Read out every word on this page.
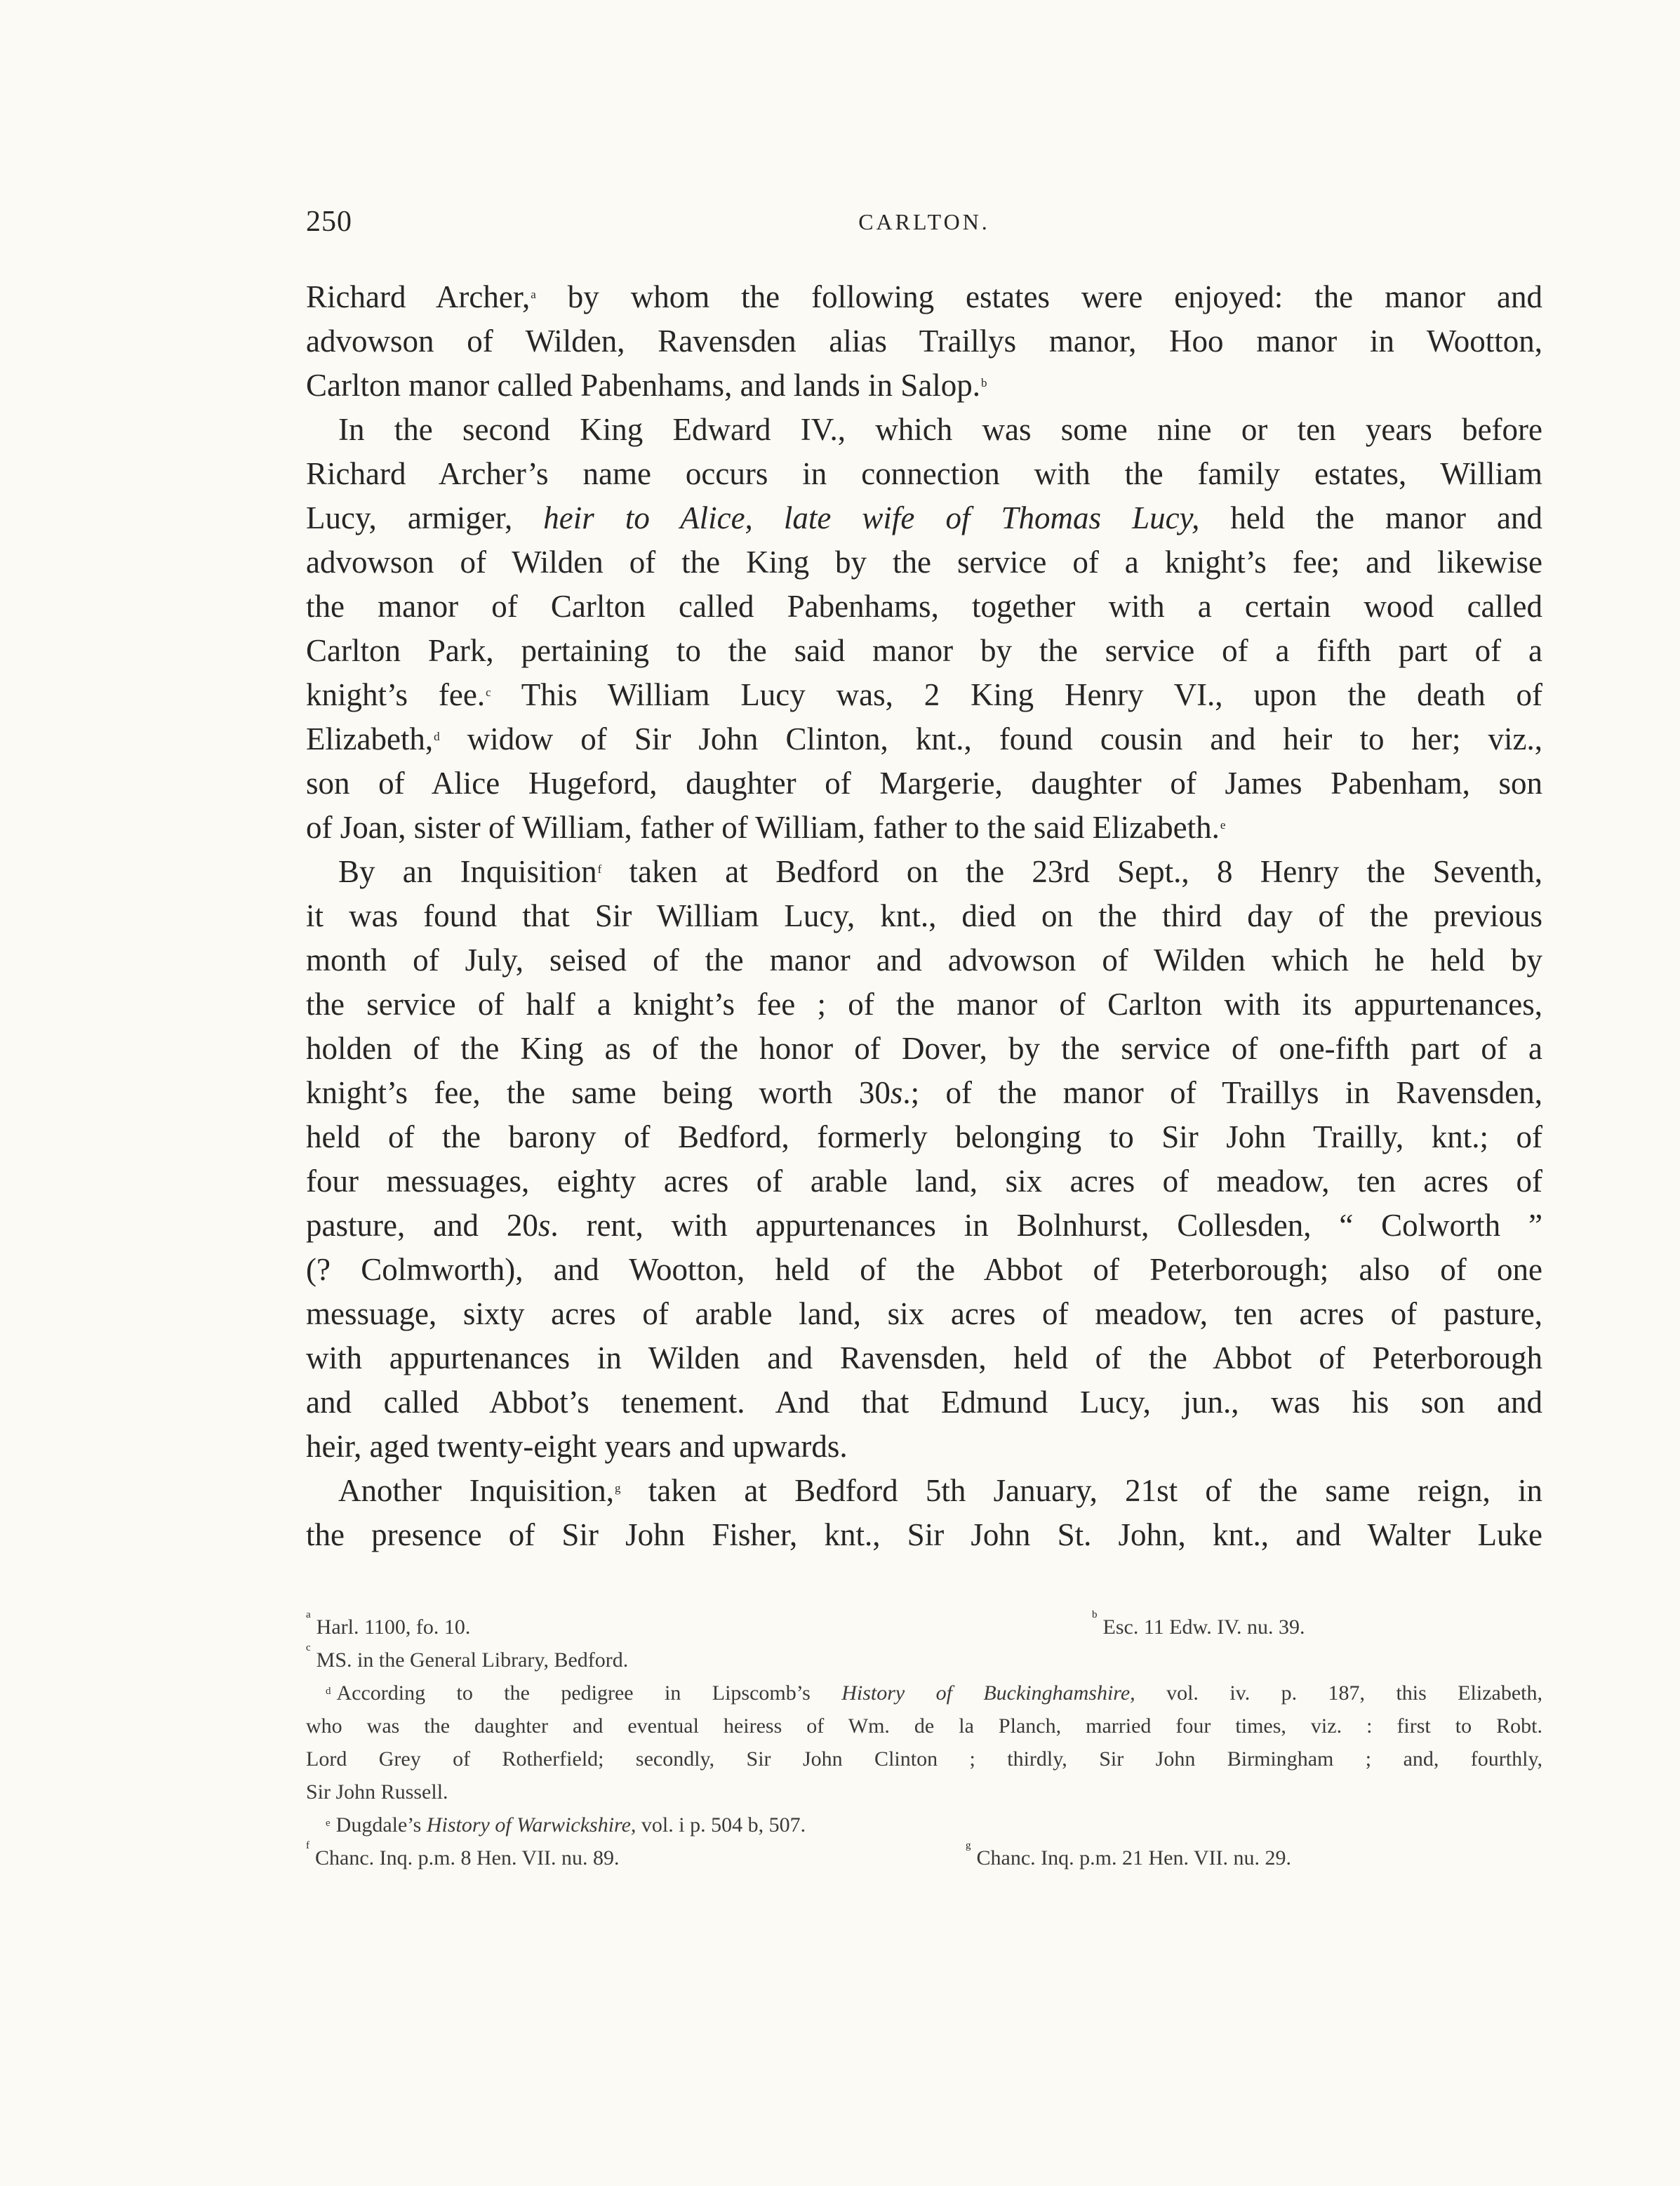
250	CARLTON.
Richard Archer,$^a$ by whom the following estates were enjoyed: the manor and
advowson of Wilden, Ravensden alias Traillys manor, Hoo manor in Wootton,
Carlton manor called Pabenhams, and lands in Salop.$^b$
In the second King Edward IV., which was some nine or ten years before
Richard Archer’s name occurs in connection with the family estates, William
Lucy, armiger, heir to Alice, late wife of Thomas Lucy, held the manor and
advowson of Wilden of the King by the service of a knight’s fee; and likewise
the manor of Carlton called Pabenhams, together with a certain wood called
Carlton Park, pertaining to the said manor by the service of a fifth part of a
knight’s fee.$^c$ This William Lucy was, 2 King Henry VI., upon the death of
Elizabeth,$^d$ widow of Sir John Clinton, knt., found cousin and heir to her; viz.,
son of Alice Hugeford, daughter of Margerie, daughter of James Pabenham, son
of Joan, sister of William, father of William, father to the said Elizabeth.$^e$
By an Inquisition$^f$ taken at Bedford on the 23rd Sept., 8 Henry the Seventh,
it was found that Sir William Lucy, knt., died on the third day of the previous
month of July, seised of the manor and advowson of Wilden which he held by
the service of half a knight’s fee ; of the manor of Carlton with its appurtenances,
holden of the King as of the honor of Dover, by the service of one-fifth part of a
knight’s fee, the same being worth 30s.; of the manor of Traillys in Ravensden,
held of the barony of Bedford, formerly belonging to Sir John Trailly, knt.; of
four messuages, eighty acres of arable land, six acres of meadow, ten acres of
pasture, and 20s. rent, with appurtenances in Bolnhurst, Collesden, “ Colworth ”
(? Colmworth), and Wootton, held of the Abbot of Peterborough; also of one
messuage, sixty acres of arable land, six acres of meadow, ten acres of pasture,
with appurtenances in Wilden and Ravensden, held of the Abbot of Peterborough
and called Abbot’s tenement. And that Edmund Lucy, jun., was his son and
heir, aged twenty-eight years and upwards.
Another Inquisition,$^g$ taken at Bedford 5th January, 21st of the same reign, in
the presence of Sir John Fisher, knt., Sir John St. John, knt., and Walter Luke
$^a$Harl. 1100, fo. 10.
$^b$Esc. 11 Edw. IV. nu. 39.
$^c$MS. in the General Library, Bedford.
$^d$ According to the pedigree in Lipscomb’s History of Buckinghamshire, vol. iv. p. 187, this Elizabeth,
who was the daughter and eventual heiress of Wm. de la Planch, married four times, viz. : first to Robt.
Lord Grey of Rotherfield; secondly, Sir John Clinton ; thirdly, Sir John Birmingham ; and, fourthly,
Sir John Russell.
$^e$ Dugdale’s History of Warwickshire, vol. i p. 504 b, 507.
$^f$Chanc. Inq. p.m. 8 Hen. VII. nu. 89.
$^g$Chanc. Inq. p.m. 21 Hen. VII. nu. 29.
